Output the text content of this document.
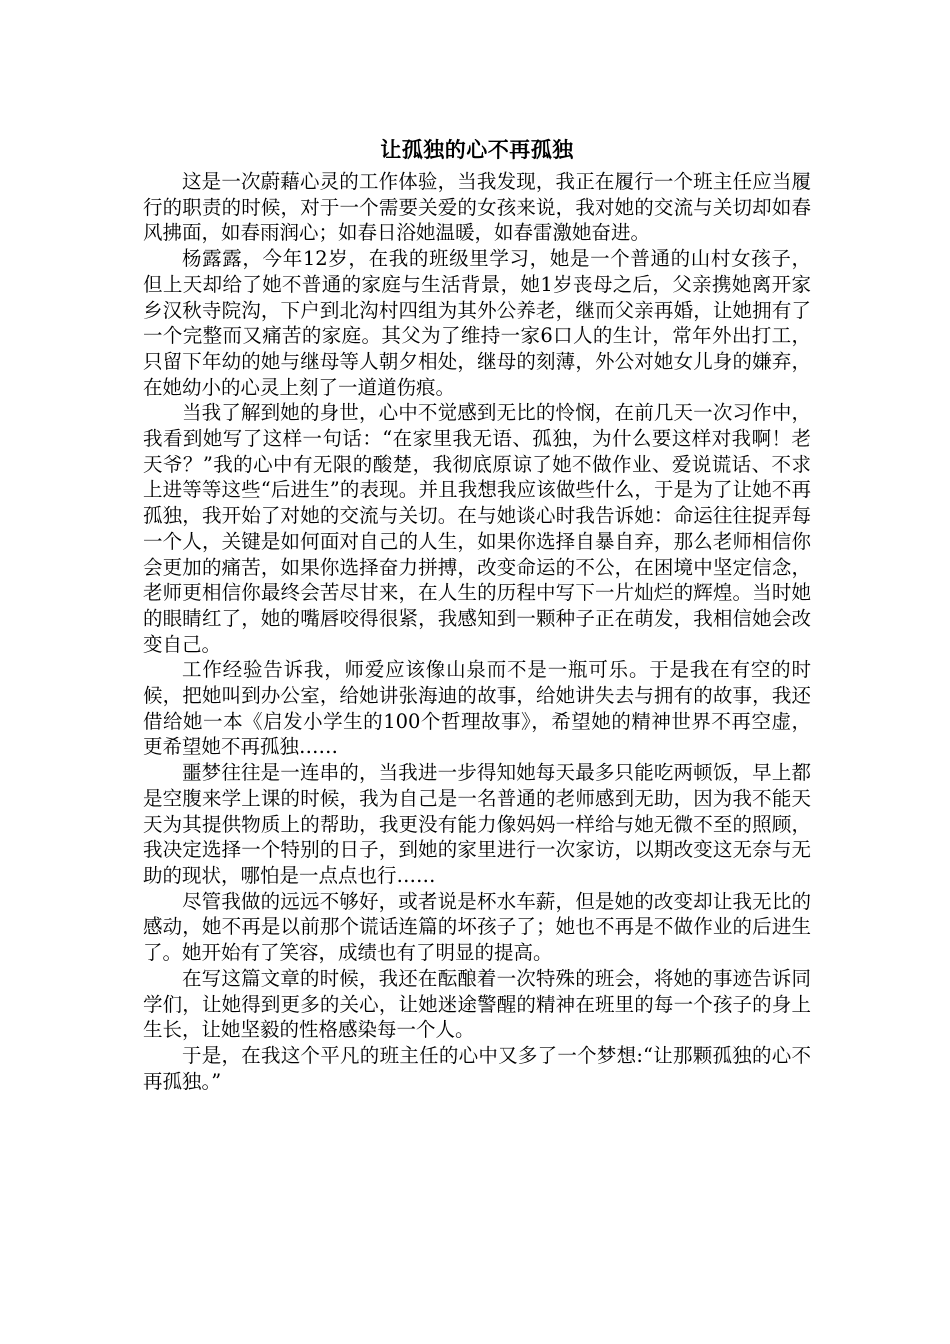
让孤独的心不再孤独

这是一次蔚藉心灵的工作体验，当我发现，我正在履行一个班主任应当履行的职责的时候，对于一个需要关爱的女孩来说，我对她的交流与关切却如春风拂面，如春雨润心；如春日浴她温暖，如春雷激她奋进。

杨露露，今年12岁，在我的班级里学习，她是一个普通的山村女孩子，但上天却给了她不普通的家庭与生活背景，她1岁丧母之后，父亲携她离开家乡汉秋寺院沟，下户到北沟村四组为其外公养老，继而父亲再婚，让她拥有了一个完整而又痛苦的家庭。其父为了维持一家6口人的生计，常年外出打工，只留下年幼的她与继母等人朝夕相处，继母的刻薄，外公对她女儿身的嫌弃，在她幼小的心灵上刻了一道道伤痕。

当我了解到她的身世，心中不觉感到无比的怜悯，在前几天一次习作中，我看到她写了这样一句话：“在家里我无语、孤独，为什么要这样对我啊！老天爷？”我的心中有无限的酸楚，我彻底原谅了她不做作业、爱说谎话、不求上进等等这些“后进生”的表现。并且我想我应该做些什么，于是为了让她不再孤独，我开始了对她的交流与关切。在与她谈心时我告诉她：命运往往捉弄每一个人，关键是如何面对自己的人生，如果你选择自暴自弃，那么老师相信你会更加的痛苦，如果你选择奋力拼搏，改变命运的不公，在困境中坚定信念，老师更相信你最终会苦尽甘来，在人生的历程中写下一片灿烂的辉煌。当时她的眼睛红了，她的嘴唇咬得很紧，我感知到一颗种子正在萌发，我相信她会改变自己。

工作经验告诉我，师爱应该像山泉而不是一瓶可乐。于是我在有空的时候，把她叫到办公室，给她讲张海迪的故事，给她讲失去与拥有的故事，我还借给她一本《启发小学生的100个哲理故事》，希望她的精神世界不再空虚，更希望她不再孤独……

噩梦往往是一连串的，当我进一步得知她每天最多只能吃两顿饭，早上都是空腹来学上课的时候，我为自己是一名普通的老师感到无助，因为我不能天天为其提供物质上的帮助，我更没有能力像妈妈一样给与她无微不至的照顾，我决定选择一个特别的日子，到她的家里进行一次家访，以期改变这无奈与无助的现状，哪怕是一点点也行……

尽管我做的远远不够好，或者说是杯水车薪，但是她的改变却让我无比的感动，她不再是以前那个谎话连篇的坏孩子了；她也不再是不做作业的后进生了。她开始有了笑容，成绩也有了明显的提高。

在写这篇文章的时候，我还在酝酿着一次特殊的班会，将她的事迹告诉同学们，让她得到更多的关心，让她迷途警醒的精神在班里的每一个孩子的身上生长，让她坚毅的性格感染每一个人。

于是，在我这个平凡的班主任的心中又多了一个梦想:“让那颗孤独的心不再孤独。”
